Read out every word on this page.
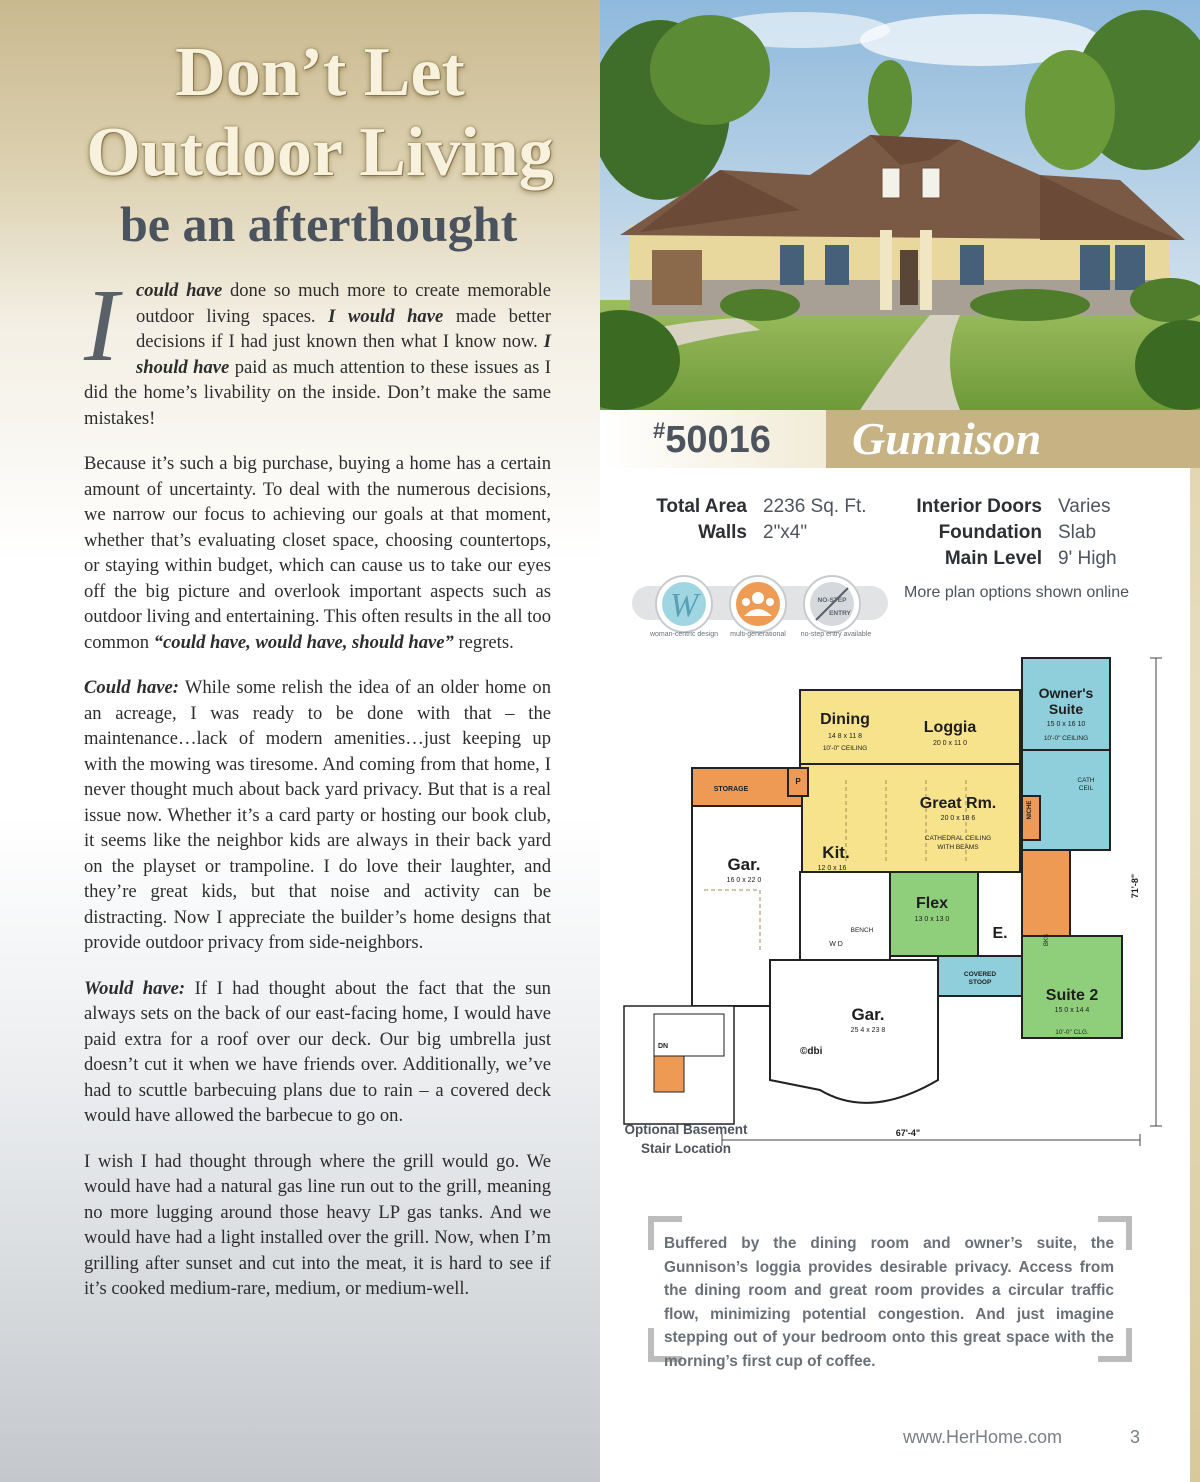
Don’t Let
Outdoor Living
be an afterthought

Icould have done so much more to create memorable outdoor living spaces. I would have made better decisions if I had just known then what I know now. I should have paid as much attention to these issues as I did the home’s livability on the inside. Don’t make the same mistakes!

Because it’s such a big purchase, buying a home has a certain amount of uncertainty. To deal with the numerous decisions, we narrow our focus to achieving our goals at that moment, whether that’s evaluating closet space, choosing countertops, or staying within budget, which can cause us to take our eyes off the big picture and overlook important aspects such as outdoor living and entertaining. This often results in the all too common “could have, would have, should have” regrets.

Could have: While some relish the idea of an older home on an acreage, I was ready to be done with that – the maintenance…lack of modern amenities…just keeping up with the mowing was tiresome. And coming from that home, I never thought much about back yard privacy. But that is a real issue now. Whether it’s a card party or hosting our book club, it seems like the neighbor kids are always in their back yard on the playset or trampoline. I do love their laughter, and they’re great kids, but that noise and activity can be distracting. Now I appreciate the builder’s home designs that provide outdoor privacy from side-neighbors.

Would have: If I had thought about the fact that the sun always sets on the back of our east-facing home, I would have paid extra for a roof over our deck. Our big umbrella just doesn’t cut it when we have friends over. Additionally, we’ve had to scuttle barbecuing plans due to rain – a covered deck would have allowed the barbecue to go on.

I wish I had thought through where the grill would go. We would have had a natural gas line run out to the grill, meaning no more lugging around those heavy LP gas tanks. And we would have had a light installed over the grill. Now, when I’m grilling after sunset and cut into the meat, it is hard to see if it’s cooked medium-rare, medium, or medium-well.

#50016 Gunnison
Total Area 2236 Sq. Ft.
Walls 2"x4"
Interior Doors Varies
Foundation Slab
Main Level 9' High
W	NO-STEP
ENTRY
woman-centric design multi-generational no-step entry available
More plan options shown online
Dining
14 8 x 11 8
10'-0" CEILING
Loggia
20 0 x 11 0
Owner's
Suite
15 0 x 16 10
10'-0" CEILING
STORAGE
P
Great Rm.
20 0 x 18 6
CATHEDRAL CEILING
WITH BEAMS
Kit.
12 0 x 16
Gar.
16 0 x 22 0
Flex
13 0 x 13 0
E.
BENCH
W D
COVERED
STOOP
Gar.
25 4 x 23 8
Suite 2
15 0 x 14 4
10'-0" CLG.
NICHE
CATH
CEIL
BKS
©dbi
67'-4"
71'-8"
DN
Optional Basement
Stair Location
Buffered by the dining room and owner’s suite, the Gunnison’s loggia provides desirable privacy. Access from the dining room and great room provides a circular traffic flow, minimizing potential congestion. And just imagine stepping out of your bedroom onto this great space with the morning’s first cup of coffee.
www.HerHome.com	3
